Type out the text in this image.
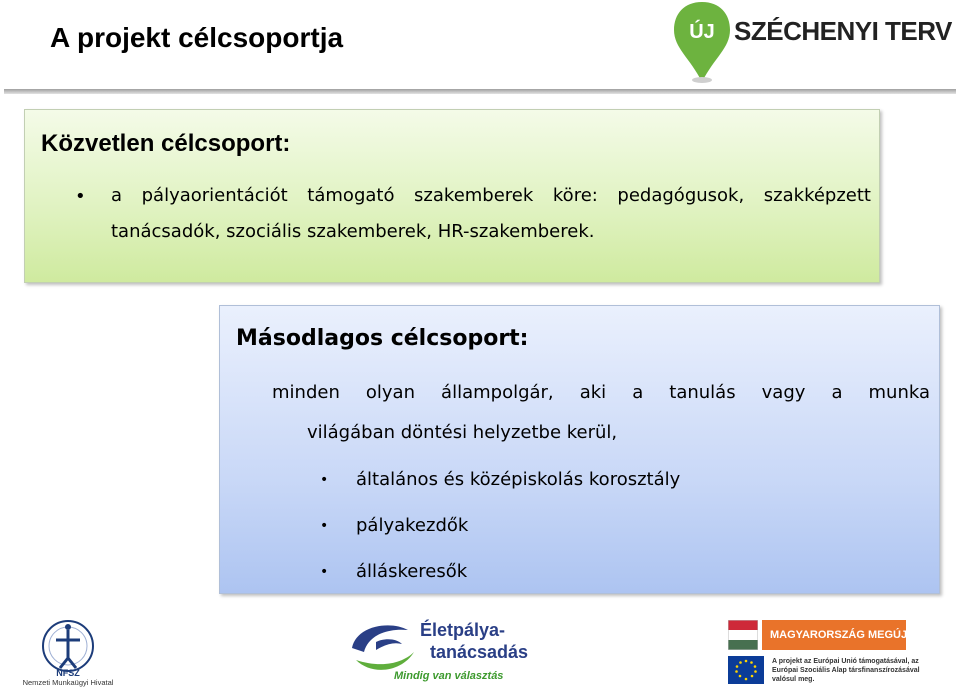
A projekt célcsoportja	ÚJ SZÉCHENYI TERV
Közvetlen célcsoport:
• a pályaorientációt támogató szakemberek köre: pedagógusok, szakképzett tanácsadók, szociális szakemberek, HR-szakemberek.
Másodlagos célcsoport:
minden olyan állampolgár, aki a tanulás vagy a munka
világában döntési helyzetbe kerül,
• általános és középiskolás korosztály
• pályakezdők
• álláskeresők
NFSZ
Nemzeti Munkaügyi Hivatal
Életpálya-
tanácsadás
Mindig van választás
MAGYARORSZÁG MEGÚJUL
A projekt az Európai Unió támogatásával, az Európai Szociális Alap társfinanszírozásával valósul meg.
